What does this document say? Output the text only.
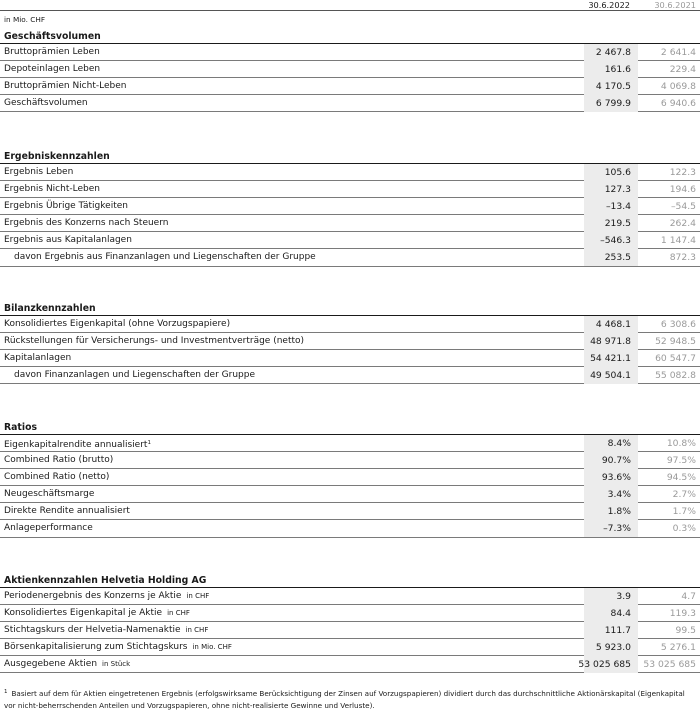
30.6.2022	30.6.2021
in Mio. CHF
Geschäftsvolumen
Bruttoprämien Leben	2 467.8	2 641.4
Depoteinlagen Leben	161.6	229.4
Bruttoprämien Nicht-Leben	4 170.5	4 069.8
Geschäftsvolumen	6 799.9	6 940.6
Ergebniskennzahlen
Ergebnis Leben	105.6	122.3
Ergebnis Nicht-Leben	127.3	194.6
Ergebnis Übrige Tätigkeiten	–13.4	–54.5
Ergebnis des Konzerns nach Steuern	219.5	262.4
Ergebnis aus Kapitalanlagen	–546.3	1 147.4
davon Ergebnis aus Finanzanlagen und Liegenschaften der Gruppe	253.5	872.3
Bilanzkennzahlen
Konsolidiertes Eigenkapital (ohne Vorzugspapiere)	4 468.1	6 308.6
Rückstellungen für Versicherungs- und Investmentverträge (netto)	48 971.8	52 948.5
Kapitalanlagen	54 421.1	60 547.7
davon Finanzanlagen und Liegenschaften der Gruppe	49 504.1	55 082.8
Ratios
Eigenkapitalrendite annualisiert$^1$	8.4%	10.8%
Combined Ratio (brutto)	90.7%	97.5%
Combined Ratio (netto)	93.6%	94.5%
Neugeschäftsmarge	3.4%	2.7%
Direkte Rendite annualisiert	1.8%	1.7%
Anlageperformance	–7.3%	0.3%
Aktienkennzahlen Helvetia Holding AG
Periodenergebnis des Konzerns je Aktie in CHF	3.9	4.7
Konsolidiertes Eigenkapital je Aktie in CHF	84.4	119.3
Stichtagskurs der Helvetia-Namenaktie in CHF	111.7	99.5
Börsenkapitalisierung zum Stichtagskurs in Mio. CHF	5 923.0	5 276.1
Ausgegebene Aktien in Stück	53 025 685	53 025 685
$^1$ Basiert auf dem für Aktien eingetretenen Ergebnis (erfolgswirksame Berücksichtigung der Zinsen auf Vorzugspapieren) dividiert durch das durchschnittliche Aktionärskapital (Eigenkapital vor nicht-beherrschenden Anteilen und Vorzugspapieren, ohne nicht-realisierte Gewinne und Verluste).
